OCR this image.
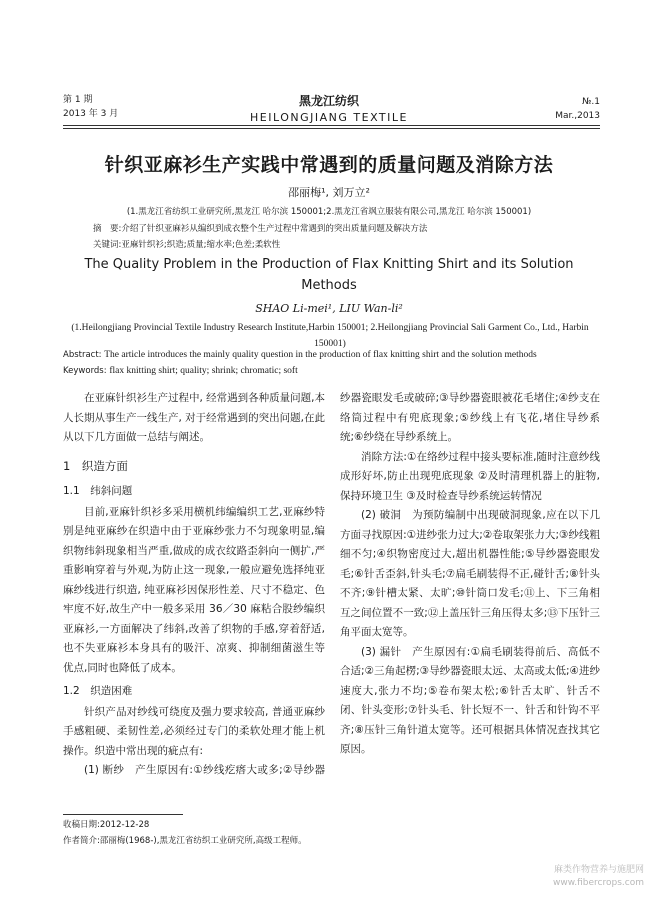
第 1 期
2013 年 3 月
黑龙江纺织
HEILONGJIANG TEXTILE
№.1
Mar.,2013
针织亚麻衫生产实践中常遇到的质量问题及消除方法
邵丽梅¹, 刘万立²
(1.黑龙江省纺织工业研究所,黑龙江 哈尔滨 150001;2.黑龙江省飒立服装有限公司,黑龙江 哈尔滨 150001)
摘　要:介绍了针织亚麻衫从编织到成衣整个生产过程中常遇到的突出质量问题及解决方法
关键词:亚麻针织衫;织造;质量;缩水率;色差;柔软性
The Quality Problem in the Production of Flax Knitting Shirt and its Solution
Methods
SHAO Li-mei¹, LIU Wan-li²
(1.Heilongjiang Provincial Textile Industry Research Institute,Harbin 150001; 2.Heilongjiang Provincial Sali Garment Co., Ltd., Harbin 150001)
Abstract: The article introduces the mainly quality question in the production of flax knitting shirt and the solution methods
Keywords: flax knitting shirt; quality; shrink; chromatic; soft

在亚麻针织衫生产过程中, 经常遇到各种质量问题,本人长期从事生产一线生产, 对于经常遇到的突出问题,在此从以下几方面做一总结与阐述。

1　织造方面
1.1　纬斜问题

目前,亚麻针织衫多采用横机纬编编织工艺,亚麻纱特别是纯亚麻纱在织造中由于亚麻纱张力不匀现象明显,编织物纬斜现象相当严重,做成的成衣纹路歪斜向一侧扩,严重影响穿着与外观,为防止这一现象,一般应避免选择纯亚麻纱线进行织造, 纯亚麻衫因保形性差、尺寸不稳定、色牢度不好,故生产中一般多采用 36／30 麻粘合股纱编织亚麻衫,一方面解决了纬斜,改善了织物的手感,穿着舒适,也不失亚麻衫本身具有的吸汗、凉爽、抑制细菌滋生等优点,同时也降低了成本。

1.2　织造困难

针织产品对纱线可绕度及强力要求较高, 普通亚麻纱手感粗硬、柔韧性差,必须经过专门的柔软处理才能上机操作。织造中常出现的疵点有:

(1) 断纱　产生原因有:①纱线疙瘩大或多;②导纱器

纱器瓷眼发毛或破碎;③导纱器瓷眼被花毛堵住;④纱支在络筒过程中有兜底现象;⑤纱线上有飞花,堵住导纱系统;⑥纱绕在导纱系统上。

消除方法:①在络纱过程中接头要标准,随时注意纱线成形好坏,防止出现兜底现象 ②及时清理机器上的脏物,保持环境卫生 ③及时检查导纱系统运转情况

(2) 破洞　为预防编制中出现破洞现象,应在以下几方面寻找原因:①进纱张力过大;②卷取架张力大;③纱线粗细不匀;④织物密度过大,超出机器性能;⑤导纱器瓷眼发毛;⑥针舌歪斜,针头毛;⑦扁毛刷装得不正,碰针舌;⑧针头不齐;⑨针槽太紧、太旷;⑩针筒口发毛;⑪上、下三角相互之间位置不一致;⑫上盖压针三角压得太多;⑬下压针三角平面太宽等。

(3) 漏针　产生原因有:①扁毛刷装得前后、高低不合适;②三角起楞;③导纱器瓷眼太远、太高或太低;④进纱速度大,张力不均;⑤卷布架太松;⑥针舌太旷、针舌不闭、针头变形;⑦针头毛、针长短不一、针舌和针钩不平齐;⑧压针三角针道太宽等。还可根据具体情况查找其它原因。

收稿日期:2012-12-28
作者简介:邵丽梅(1968-),黑龙江省纺织工业研究所,高级工程师。
麻类作物营养与施肥网
www.fibercrops.com
